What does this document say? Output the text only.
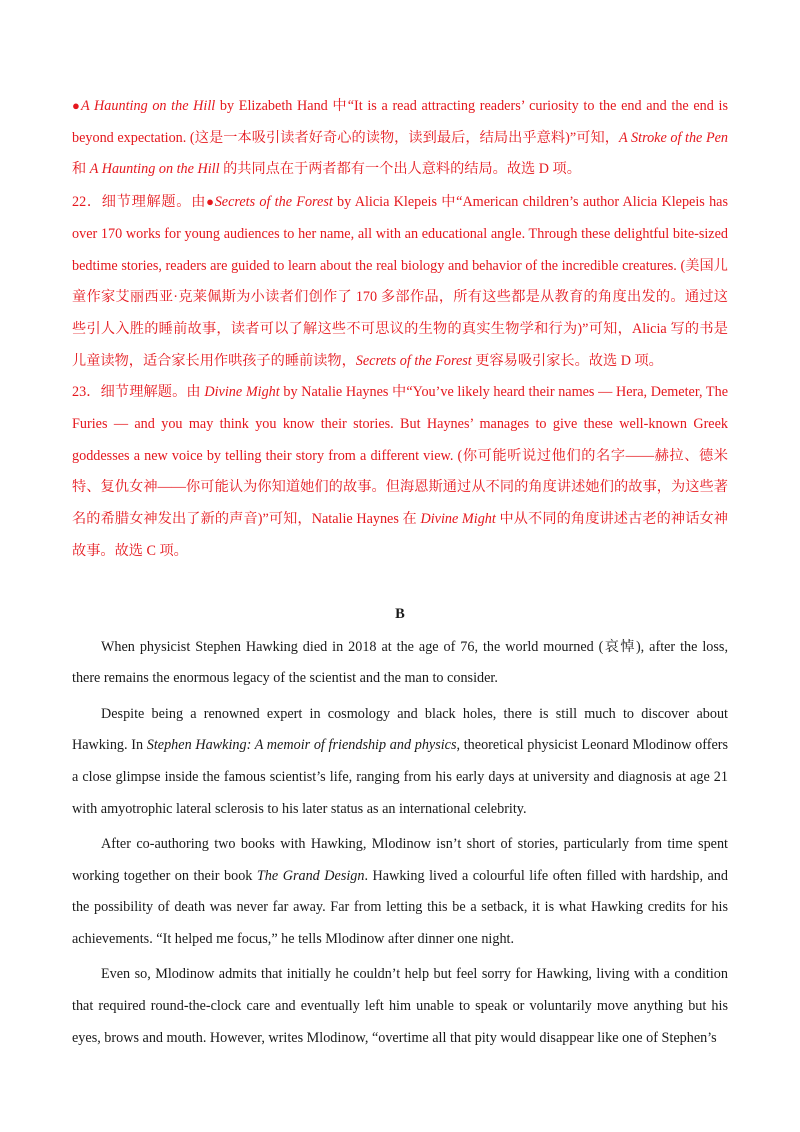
●A Haunting on the Hill by Elizabeth Hand 中“It is a read attracting readers’ curiosity to the end and the end is beyond expectation. (这是一本吸引读者好奇心的读物，读到最后，结局出乎意料)”可知，A Stroke of the Pen 和 A Haunting on the Hill 的共同点在于两者都有一个出人意料的结局。故选 D 项。

22．细节理解题。由●Secrets of the Forest by Alicia Klepeis 中“American children’s author Alicia Klepeis has over 170 works for young audiences to her name, all with an educational angle. Through these delightful bite-sized bedtime stories, readers are guided to learn about the real biology and behavior of the incredible creatures. (美国儿童作家艾丽西亚·克莱佩斯为小读者们创作了 170 多部作品，所有这些都是从教育的角度出发的。通过这些引人入胜的睡前故事，读者可以了解这些不可思议的生物的真实生物学和行为)”可知，Alicia 写的书是儿童读物，适合家长用作哄孩子的睡前读物，Secrets of the Forest 更容易吸引家长。故选 D 项。

23．细节理解题。由 Divine Might by Natalie Haynes 中“You’ve likely heard their names — Hera, Demeter, The Furies — and you may think you know their stories. But Haynes’ manages to give these well-known Greek goddesses a new voice by telling their story from a different view. (你可能听说过他们的名字——赫拉、德米特、复仇女神——你可能认为你知道她们的故事。但海恩斯通过从不同的角度讲述她们的故事，为这些著名的希腊女神发出了新的声音)”可知，Natalie Haynes 在 Divine Might 中从不同的角度讲述古老的神话女神故事。故选 C 项。

B

When physicist Stephen Hawking died in 2018 at the age of 76, the world mourned (哀悼), after the loss, there remains the enormous legacy of the scientist and the man to consider.

Despite being a renowned expert in cosmology and black holes, there is still much to discover about Hawking. In Stephen Hawking: A memoir of friendship and physics, theoretical physicist Leonard Mlodinow offers a close glimpse inside the famous scientist’s life, ranging from his early days at university and diagnosis at age 21 with amyotrophic lateral sclerosis to his later status as an international celebrity.

After co-authoring two books with Hawking, Mlodinow isn’t short of stories, particularly from time spent working together on their book The Grand Design. Hawking lived a colourful life often filled with hardship, and the possibility of death was never far away. Far from letting this be a setback, it is what Hawking credits for his achievements. “It helped me focus,” he tells Mlodinow after dinner one night.

Even so, Mlodinow admits that initially he couldn’t help but feel sorry for Hawking, living with a condition that required round-the-clock care and eventually left him unable to speak or voluntarily move anything but his eyes, brows and mouth. However, writes Mlodinow, “overtime all that pity would disappear like one of Stephen’s
